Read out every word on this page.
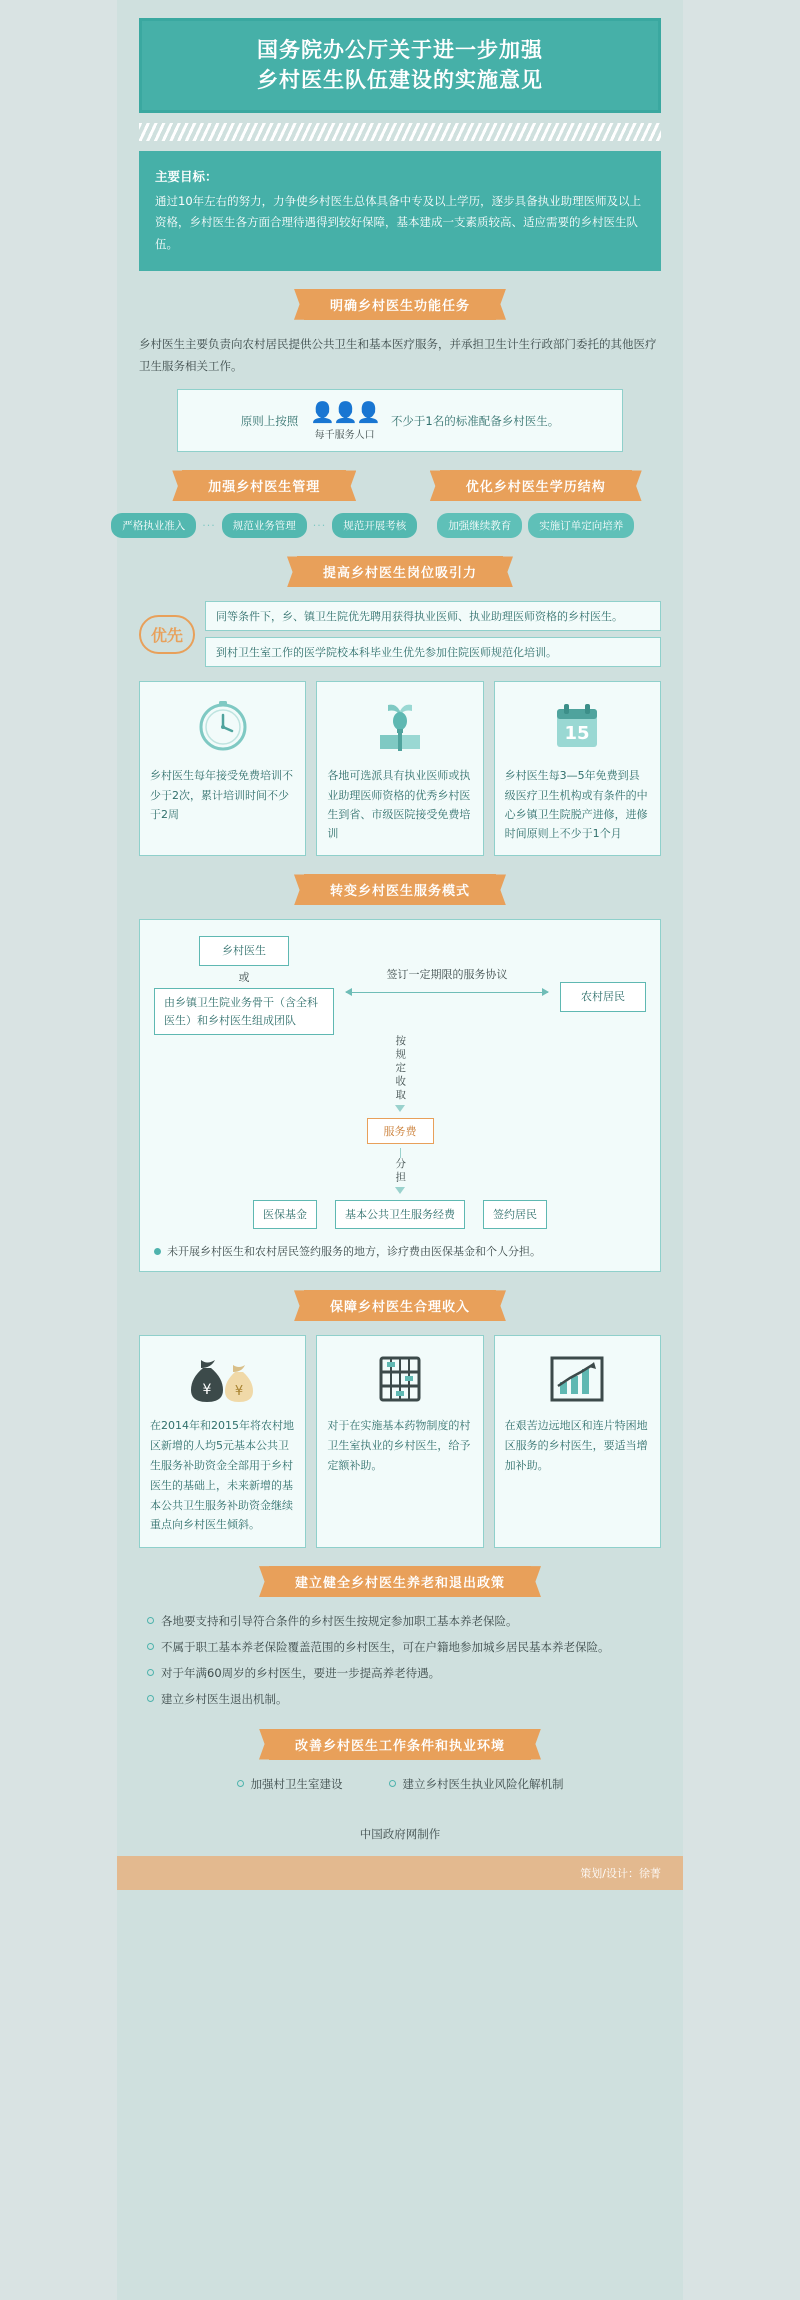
国务院办公厅关于进一步加强
乡村医生队伍建设的实施意见
主要目标：
通过10年左右的努力，力争使乡村医生总体具备中专及以上学历，逐步具备执业助理医师及以上资格，乡村医生各方面合理待遇得到较好保障，基本建成一支素质较高、适应需要的乡村医生队伍。
明确乡村医生功能任务
乡村医生主要负责向农村居民提供公共卫生和基本医疗服务，并承担卫生计生行政部门委托的其他医疗卫生服务相关工作。
原则上按照 👤👤👤
每千服务人口
不少于1名的标准配备乡村医生。
加强乡村医生管理	优化乡村医生学历结构
严格执业准入	···	规范业务管理	···	规范开展考核	加强继续教育	实施订单定向培养
提高乡村医生岗位吸引力
优先
同等条件下，乡、镇卫生院优先聘用获得执业医师、执业助理医师资格的乡村医生。
到村卫生室工作的医学院校本科毕业生优先参加住院医师规范化培训。
乡村医生每年接受免费培训不少于2次，累计培训时间不少于2周
各地可选派具有执业医师或执业助理医师资格的优秀乡村医生到省、市级医院接受免费培训
15
乡村医生每3—5年免费到县级医疗卫生机构或有条件的中心乡镇卫生院脱产进修，进修时间原则上不少于1个月
转变乡村医生服务模式
乡村医生
或
由乡镇卫生院业务骨干（含全科医生）和乡村医生组成团队
签订一定期限的服务协议
农村居民
按规定收取
服务费
分担
医保基金	基本公共卫生服务经费	签约居民
未开展乡村医生和农村居民签约服务的地方，诊疗费由医保基金和个人分担。
保障乡村医生合理收入
¥ ¥
在2014年和2015年将农村地区新增的人均5元基本公共卫生服务补助资金全部用于乡村医生的基础上，未来新增的基本公共卫生服务补助资金继续重点向乡村医生倾斜。
对于在实施基本药物制度的村卫生室执业的乡村医生，给予定额补助。
在艰苦边远地区和连片特困地区服务的乡村医生，要适当增加补助。
建立健全乡村医生养老和退出政策
各地要支持和引导符合条件的乡村医生按规定参加职工基本养老保险。
不属于职工基本养老保险覆盖范围的乡村医生，可在户籍地参加城乡居民基本养老保险。
对于年满60周岁的乡村医生，要进一步提高养老待遇。
建立乡村医生退出机制。
改善乡村医生工作条件和执业环境
加强村卫生室建设	建立乡村医生执业风险化解机制
中国政府网制作
策划/设计：徐菁
